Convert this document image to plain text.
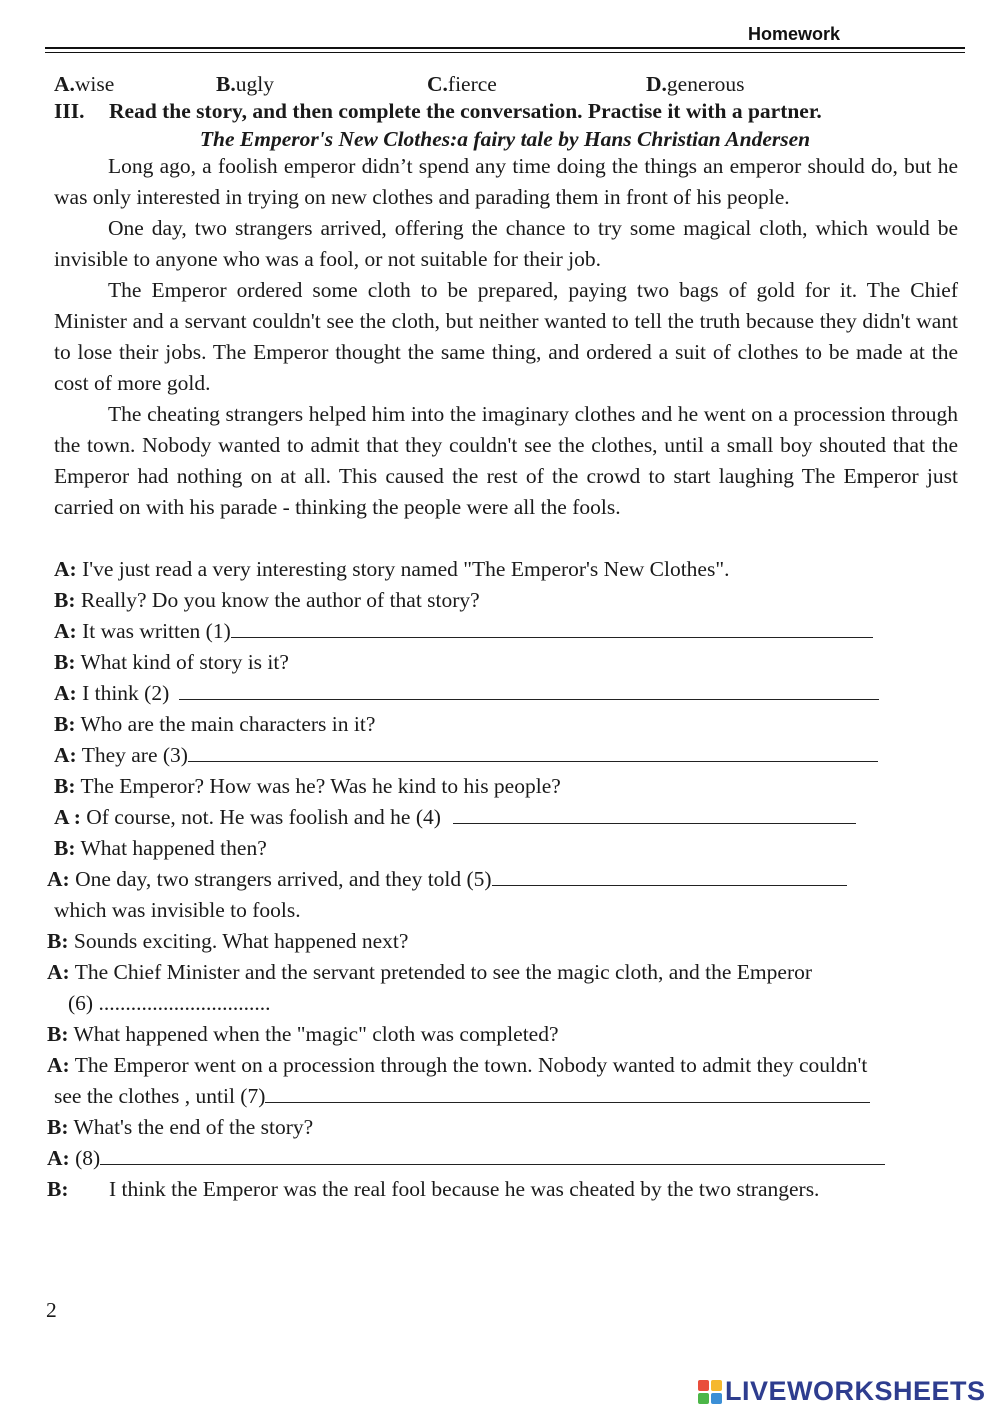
Homework
A.wise	B.ugly	C.fierce	D.generous
III. Read the story, and then complete the conversation. Practise it with a partner.
The Emperor's New Clothes:a fairy tale by Hans Christian Andersen

Long ago, a foolish emperor didn’t spend any time doing the things an emperor should do, but he was only interested in trying on new clothes and parading them in front of his people.

One day, two strangers arrived, offering the chance to try some magical cloth, which would be invisible to anyone who was a fool, or not suitable for their job.

The Emperor ordered some cloth to be prepared, paying two bags of gold for it. The Chief Minister and a servant couldn't see the cloth, but neither wanted to tell the truth because they didn't want to lose their jobs. The Emperor thought the same thing, and ordered a suit of clothes to be made at the cost of more gold.

The cheating strangers helped him into the imaginary clothes and he went on a procession through the town. Nobody wanted to admit that they couldn't see the clothes, until a small boy shouted that the Emperor had nothing on at all. This caused the rest of the crowd to start laughing The Emperor just carried on with his parade - thinking the people were all the fools.

A: I've just read a very interesting story named "The Emperor's New Clothes".
B: Really? Do you know the author of that story?
A: It was written (1)
B: What kind of story is it?
A: I think (2)
B: Who are the main characters in it?
A: They are (3)
B: The Emperor? How was he? Was he kind to his people?
A : Of course, not. He was foolish and he (4)
B: What happened then?
A: One day, two strangers arrived, and they told (5)
which was invisible to fools.
B: Sounds exciting. What happened next?
A: The Chief Minister and the servant pretended to see the magic cloth, and the Emperor
(6) ................................
B: What happened when the "magic" cloth was completed?
A: The Emperor went on a procession through the town. Nobody wanted to admit they couldn't
see the clothes , until (7)
B: What's the end of the story?
A: (8)
B: I think the Emperor was the real fool because he was cheated by the two strangers.
2
LIVEWORKSHEETS
